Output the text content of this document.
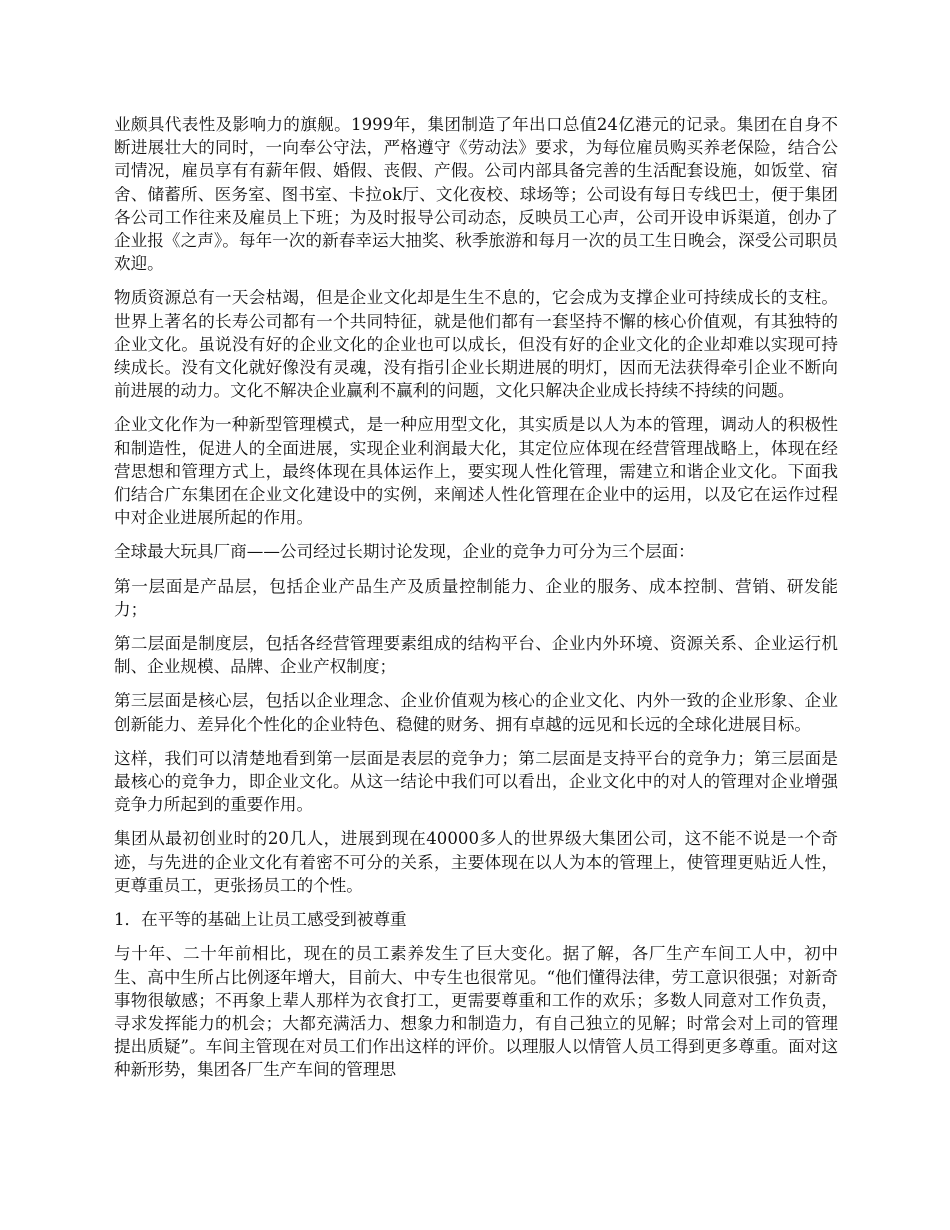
业颇具代表性及影响力的旗舰。1999年，集团制造了年出口总值24亿港元的记录。集团在自身不断进展壮大的同时，一向奉公守法，严格遵守《劳动法》要求，为每位雇员购买养老保险，结合公司情况，雇员享有有薪年假、婚假、丧假、产假。公司内部具备完善的生活配套设施，如饭堂、宿舍、储蓄所、医务室、图书室、卡拉ok厅、文化夜校、球场等；公司设有每日专线巴士，便于集团各公司工作往来及雇员上下班；为及时报导公司动态，反映员工心声，公司开设申诉渠道，创办了企业报《之声》。每年一次的新春幸运大抽奖、秋季旅游和每月一次的员工生日晚会，深受公司职员欢迎。

物质资源总有一天会枯竭，但是企业文化却是生生不息的，它会成为支撑企业可持续成长的支柱。世界上著名的长寿公司都有一个共同特征，就是他们都有一套坚持不懈的核心价值观，有其独特的企业文化。虽说没有好的企业文化的企业也可以成长，但没有好的企业文化的企业却难以实现可持续成长。没有文化就好像没有灵魂，没有指引企业长期进展的明灯，因而无法获得牵引企业不断向前进展的动力。文化不解决企业赢利不赢利的问题，文化只解决企业成长持续不持续的问题。

企业文化作为一种新型管理模式，是一种应用型文化，其实质是以人为本的管理，调动人的积极性和制造性，促进人的全面进展，实现企业利润最大化，其定位应体现在经营管理战略上，体现在经营思想和管理方式上，最终体现在具体运作上，要实现人性化管理，需建立和谐企业文化。下面我们结合广东集团在企业文化建设中的实例，来阐述人性化管理在企业中的运用，以及它在运作过程中对企业进展所起的作用。

全球最大玩具厂商——公司经过长期讨论发现，企业的竞争力可分为三个层面：

第一层面是产品层，包括企业产品生产及质量控制能力、企业的服务、成本控制、营销、研发能力；

第二层面是制度层，包括各经营管理要素组成的结构平台、企业内外环境、资源关系、企业运行机制、企业规模、品牌、企业产权制度；

第三层面是核心层，包括以企业理念、企业价值观为核心的企业文化、内外一致的企业形象、企业创新能力、差异化个性化的企业特色、稳健的财务、拥有卓越的远见和长远的全球化进展目标。

这样，我们可以清楚地看到第一层面是表层的竞争力；第二层面是支持平台的竞争力；第三层面是最核心的竞争力，即企业文化。从这一结论中我们可以看出，企业文化中的对人的管理对企业增强竞争力所起到的重要作用。

集团从最初创业时的20几人，进展到现在40000多人的世界级大集团公司，这不能不说是一个奇迹，与先进的企业文化有着密不可分的关系，主要体现在以人为本的管理上，使管理更贴近人性，更尊重员工，更张扬员工的个性。

1．在平等的基础上让员工感受到被尊重

与十年、二十年前相比，现在的员工素养发生了巨大变化。据了解，各厂生产车间工人中，初中生、高中生所占比例逐年增大，目前大、中专生也很常见。“他们懂得法律，劳工意识很强；对新奇事物很敏感；不再象上辈人那样为衣食打工，更需要尊重和工作的欢乐；多数人同意对工作负责，寻求发挥能力的机会；大都充满活力、想象力和制造力，有自己独立的见解；时常会对上司的管理提出质疑”。车间主管现在对员工们作出这样的评价。以理服人以情管人员工得到更多尊重。面对这种新形势，集团各厂生产车间的管理思
